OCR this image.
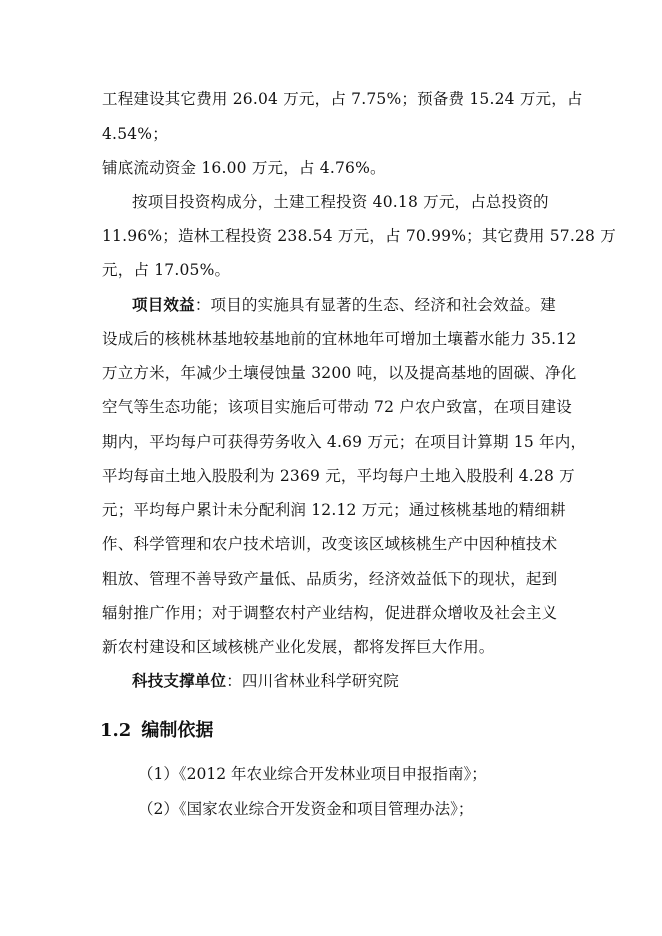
工程建设其它费用 26.04 万元，占 7.75%；预备费 15.24 万元，占
4.54%；
铺底流动资金 16.00 万元，占 4.76%。
按项目投资构成分，土建工程投资 40.18 万元，占总投资的
11.96%；造林工程投资 238.54 万元，占 70.99%；其它费用 57.28 万
元，占 17.05%。
项目效益：项目的实施具有显著的生态、经济和社会效益。建
设成后的核桃林基地较基地前的宜林地年可增加土壤蓄水能力 35.12
万立方米，年减少土壤侵蚀量 3200 吨，以及提高基地的固碳、净化
空气等生态功能；该项目实施后可带动 72 户农户致富，在项目建设
期内，平均每户可获得劳务收入 4.69 万元；在项目计算期 15 年内，
平均每亩土地入股股利为 2369 元，平均每户土地入股股利 4.28 万
元；平均每户累计未分配利润 12.12 万元；通过核桃基地的精细耕
作、科学管理和农户技术培训，改变该区域核桃生产中因种植技术
粗放、管理不善导致产量低、品质劣，经济效益低下的现状，起到
辐射推广作用；对于调整农村产业结构，促进群众增收及社会主义
新农村建设和区域核桃产业化发展，都将发挥巨大作用。
科技支撑单位：四川省林业科学研究院
1.2 编制依据
（1）《2012 年农业综合开发林业项目申报指南》；
（2）《国家农业综合开发资金和项目管理办法》；
